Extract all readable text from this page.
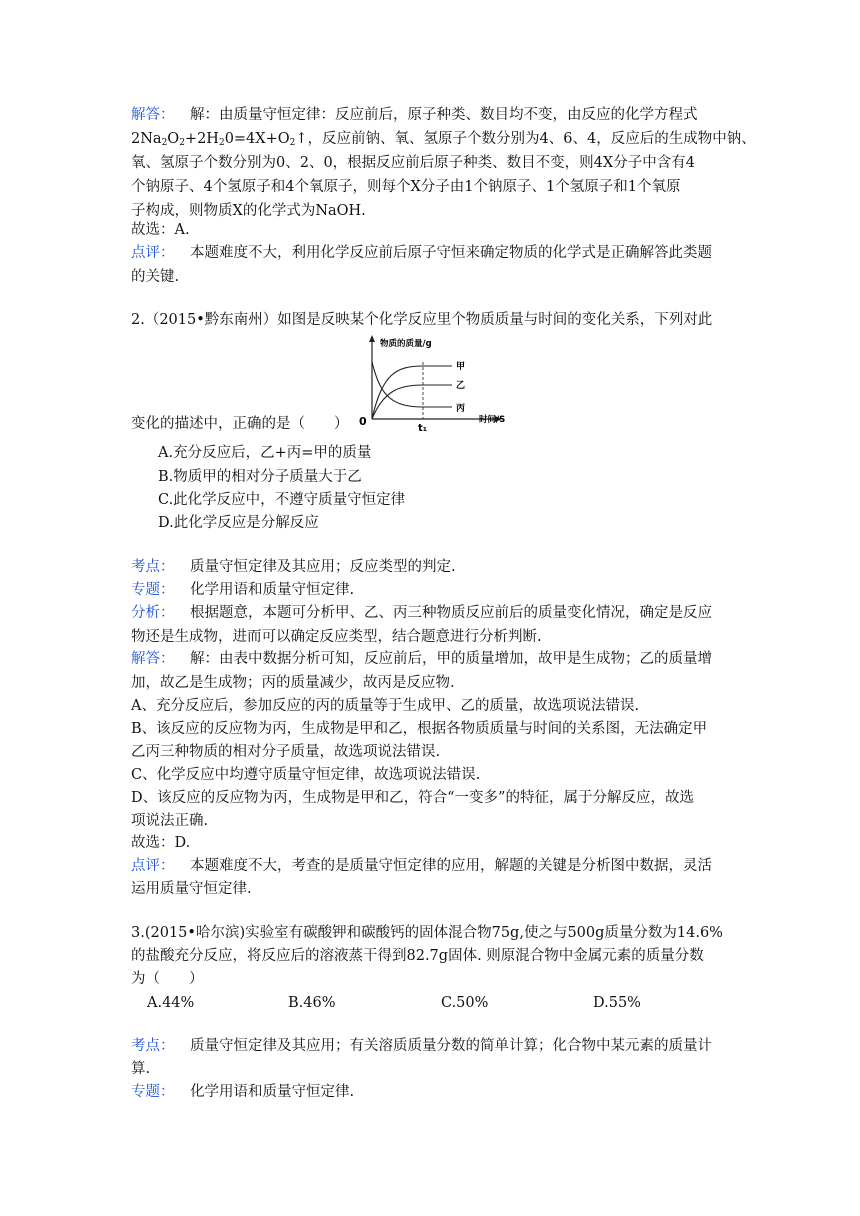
解答： 解：由质量守恒定律：反应前后，原子种类、数目均不变，由反应的化学方程式
$2Na_2O_2+2H_20=4X+O_2↑$，反应前钠、氧、氢原子个数分别为4、6、4，反应后的生成物中钠、
氧、氢原子个数分别为0、2、0，根据反应前后原子种类、数目不变，则4X分子中含有4
个钠原子、4个氢原子和4个氧原子，则每个X分子由1个钠原子、1个氢原子和1个氧原
子构成，则物质X的化学式为NaOH.
故选：A.
点评： 本题难度不大，利用化学反应前后原子守恒来确定物质的化学式是正确解答此类题
的关键.
2.（2015•黔东南州）如图是反映某个化学反应里个物质质量与时间的变化关系，下列对此
物质的质量/g
甲
乙
丙
时间/S
0
t₁
变化的描述中，正确的是（　　）
A.充分反应后，乙+丙=甲的质量
B.物质甲的相对分子质量大于乙
C.此化学反应中，不遵守质量守恒定律
D.此化学反应是分解反应
考点： 质量守恒定律及其应用；反应类型的判定.
专题： 化学用语和质量守恒定律.
分析： 根据题意，本题可分析甲、乙、丙三种物质反应前后的质量变化情况，确定是反应
物还是生成物，进而可以确定反应类型，结合题意进行分析判断.
解答： 解：由表中数据分析可知，反应前后，甲的质量增加，故甲是生成物；乙的质量增
加，故乙是生成物；丙的质量减少，故丙是反应物.
A、充分反应后，参加反应的丙的质量等于生成甲、乙的质量，故选项说法错误.
B、该反应的反应物为丙，生成物是甲和乙，根据各物质质量与时间的关系图，无法确定甲
乙丙三种物质的相对分子质量，故选项说法错误.
C、化学反应中均遵守质量守恒定律，故选项说法错误.
D、该反应的反应物为丙，生成物是甲和乙，符合“一变多”的特征，属于分解反应，故选
项说法正确.
故选：D.
点评： 本题难度不大，考查的是质量守恒定律的应用，解题的关键是分析图中数据，灵活
运用质量守恒定律.
3.(2015•哈尔滨)实验室有碳酸钾和碳酸钙的固体混合物75g,使之与500g质量分数为14.6%
的盐酸充分反应，将反应后的溶液蒸干得到82.7g固体. 则原混合物中金属元素的质量分数
为（　　）
A.44%	B.46%	C.50%	D.55%
考点： 质量守恒定律及其应用；有关溶质质量分数的简单计算；化合物中某元素的质量计
算.
专题： 化学用语和质量守恒定律.
